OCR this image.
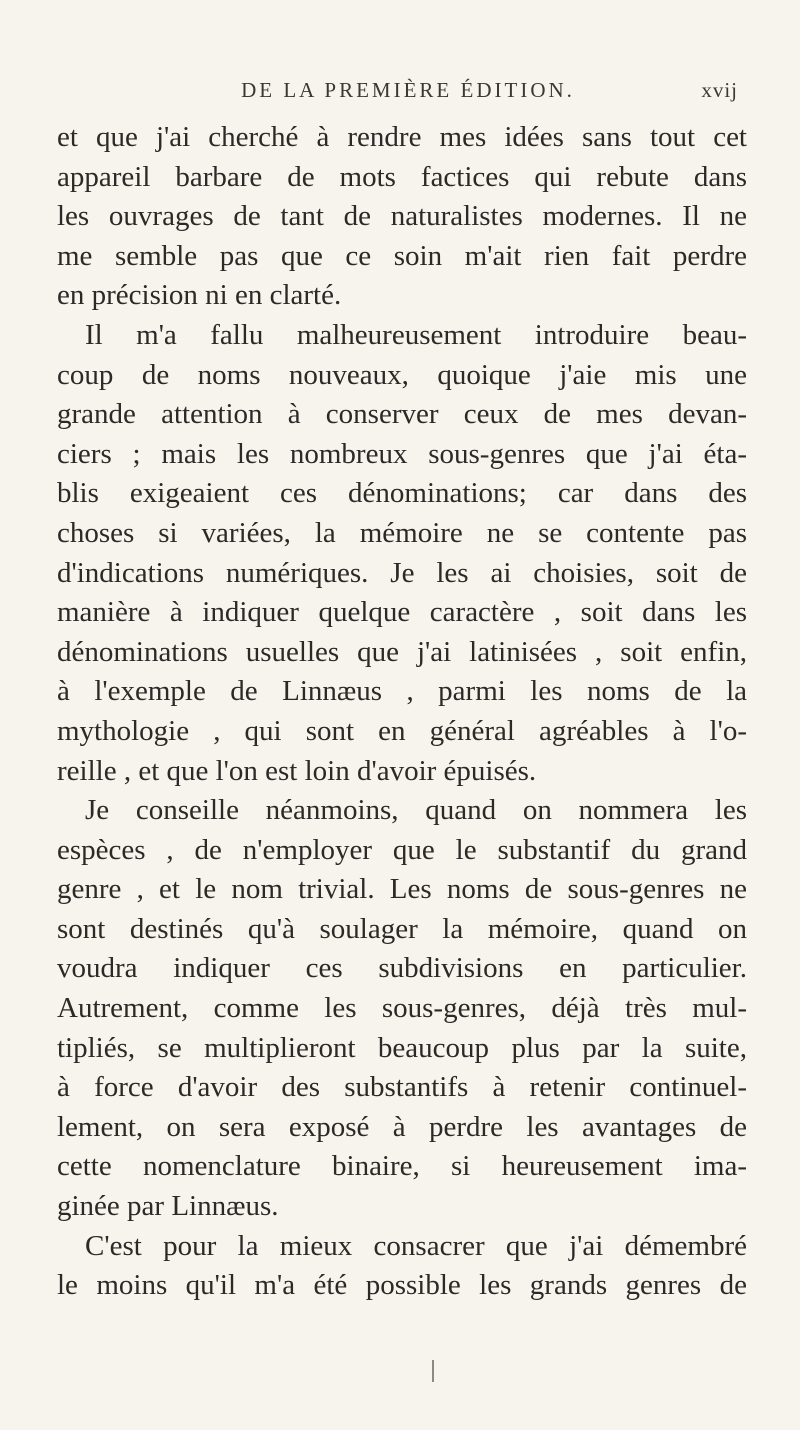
DE LA PREMIÈRE ÉDITION.	xvij
et que j'ai cherché à rendre mes idées sans tout cet
appareil barbare de mots factices qui rebute dans
les ouvrages de tant de naturalistes modernes. Il ne
me semble pas que ce soin m'ait rien fait perdre
en précision ni en clarté.
Il m'a fallu malheureusement introduire beau-
coup de noms nouveaux, quoique j'aie mis une
grande attention à conserver ceux de mes devan-
ciers ; mais les nombreux sous-genres que j'ai éta-
blis exigeaient ces dénominations; car dans des
choses si variées, la mémoire ne se contente pas
d'indications numériques. Je les ai choisies, soit de
manière à indiquer quelque caractère , soit dans les
dénominations usuelles que j'ai latinisées , soit enfin,
à l'exemple de Linnæus , parmi les noms de la
mythologie , qui sont en général agréables à l'o-
reille , et que l'on est loin d'avoir épuisés.
Je conseille néanmoins, quand on nommera les
espèces , de n'employer que le substantif du grand
genre , et le nom trivial. Les noms de sous-genres ne
sont destinés qu'à soulager la mémoire, quand on
voudra indiquer ces subdivisions en particulier.
Autrement, comme les sous-genres, déjà très mul-
tipliés, se multiplieront beaucoup plus par la suite,
à force d'avoir des substantifs à retenir continuel-
lement, on sera exposé à perdre les avantages de
cette nomenclature binaire, si heureusement ima-
ginée par Linnæus.
C'est pour la mieux consacrer que j'ai démembré
le moins qu'il m'a été possible les grands genres de
